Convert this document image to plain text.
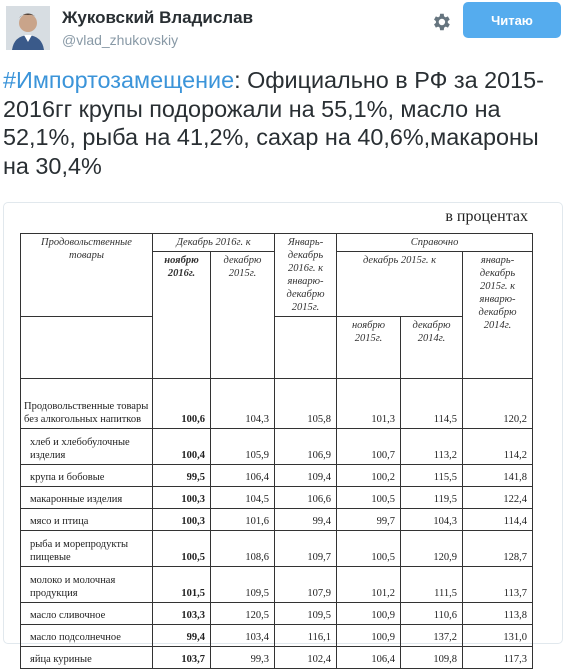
Жуковский Владислав
@vlad_zhukovskiy
Читаю
#Импортозамещение: Официально в РФ за 2015-2016гг крупы подорожали на 55,1%, масло на 52,1%, рыба на 41,2%, сахар на 40,6%,макароны на 30,4%
в процентах
Продовольственные товары	Декабрь 2016г. к		Январь-декабрь 2016г. к январю-декабрю 2015г.	Справочно		
	ноябрю 2016г.	декабрю 2015г.		декабрь 2015г. к		январь-декабрь 2015г. к январю-декабрю 2014г.
				ноябрю 2015г.	декабрю 2014г.	
Продовольственные товары без алкогольных напитков	100,6	104,3	105,8	101,3	114,5	120,2
хлеб и хлебобулочные изделия	100,4	105,9	106,9	100,7	113,2	114,2
крупа и бобовые	99,5	106,4	109,4	100,2	115,5	141,8
макаронные изделия	100,3	104,5	106,6	100,5	119,5	122,4
мясо и птица	100,3	101,6	99,4	99,7	104,3	114,4
рыба и морепродукты пищевые	100,5	108,6	109,7	100,5	120,9	128,7
молоко и молочная продукция	101,5	109,5	107,9	101,2	111,5	113,7
масло сливочное	103,3	120,5	109,5	100,9	110,6	113,8
масло подсолнечное	99,4	103,4	116,1	100,9	137,2	131,0
яйца куриные	103,7	99,3	102,4	106,4	109,8	117,3
